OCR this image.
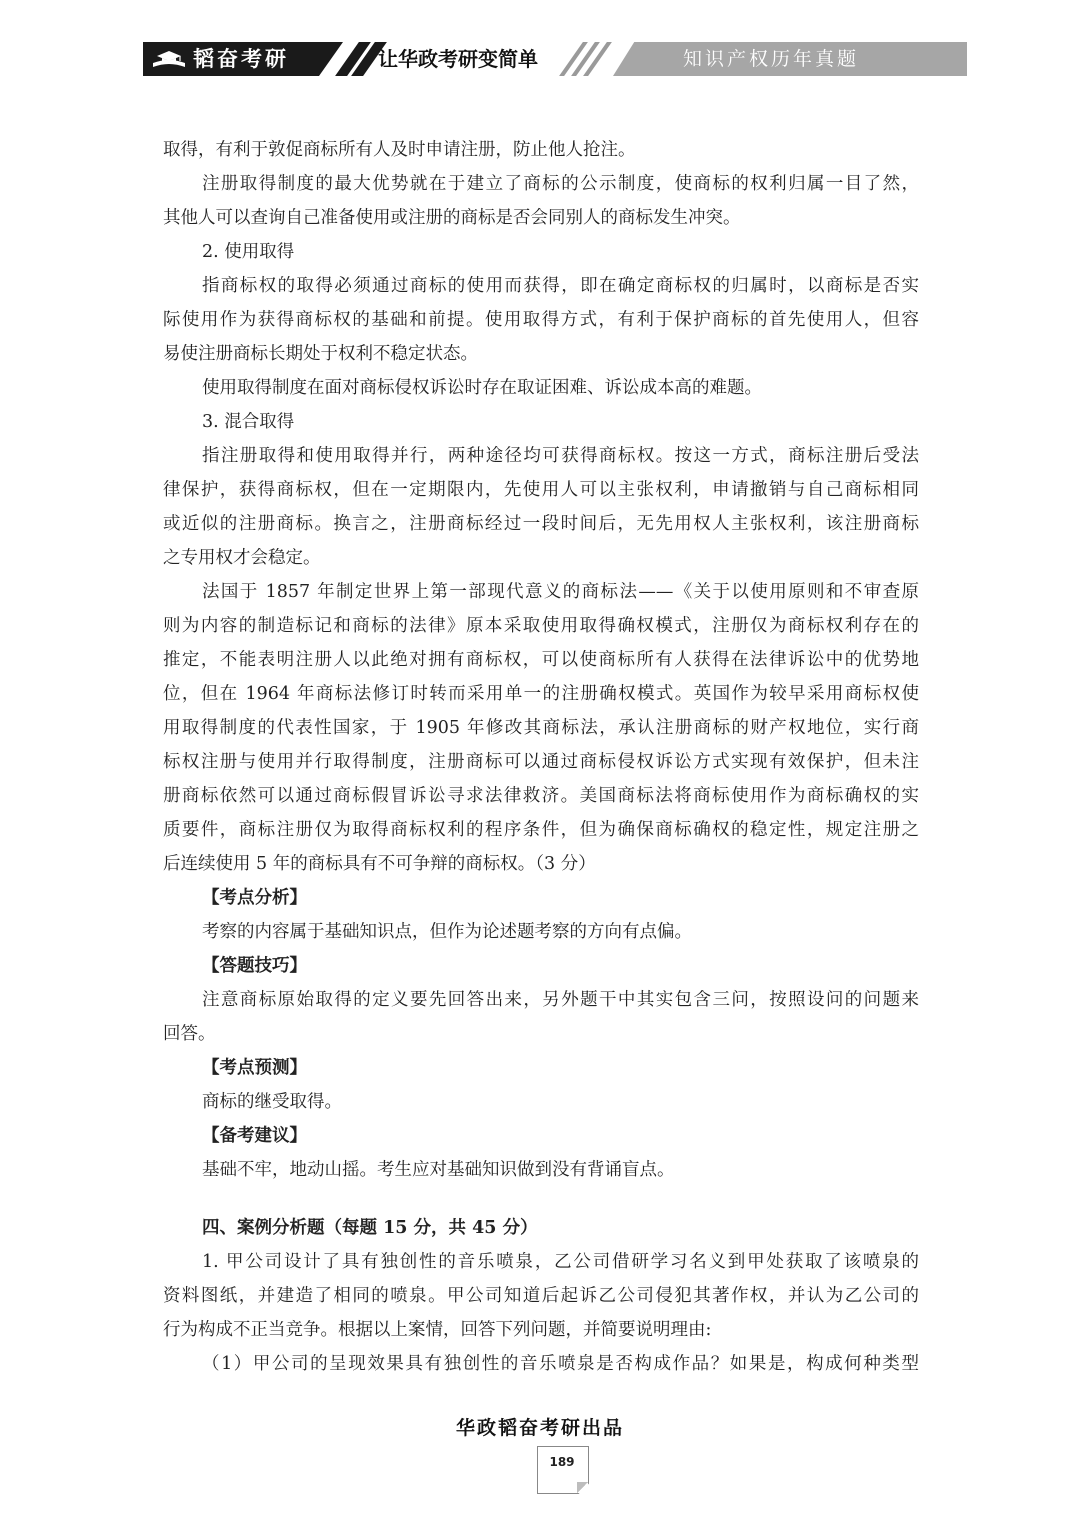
韬奋考研	让华政考研变简单	知识产权历年真题
取得，有利于敦促商标所有人及时申请注册，防止他人抢注。
注册取得制度的最大优势就在于建立了商标的公示制度，使商标的权利归属一目了然，
其他人可以查询自己准备使用或注册的商标是否会同别人的商标发生冲突。
2. 使用取得
指商标权的取得必须通过商标的使用而获得，即在确定商标权的归属时，以商标是否实
际使用作为获得商标权的基础和前提。使用取得方式，有利于保护商标的首先使用人，但容
易使注册商标长期处于权利不稳定状态。
使用取得制度在面对商标侵权诉讼时存在取证困难、诉讼成本高的难题。
3. 混合取得
指注册取得和使用取得并行，两种途径均可获得商标权。按这一方式，商标注册后受法
律保护，获得商标权，但在一定期限内，先使用人可以主张权利，申请撤销与自己商标相同
或近似的注册商标。换言之，注册商标经过一段时间后，无先用权人主张权利，该注册商标
之专用权才会稳定。
法国于 1857 年制定世界上第一部现代意义的商标法——《关于以使用原则和不审查原
则为内容的制造标记和商标的法律》原本采取使用取得确权模式，注册仅为商标权利存在的
推定，不能表明注册人以此绝对拥有商标权，可以使商标所有人获得在法律诉讼中的优势地
位，但在 1964 年商标法修订时转而采用单一的注册确权模式。英国作为较早采用商标权使
用取得制度的代表性国家，于 1905 年修改其商标法，承认注册商标的财产权地位，实行商
标权注册与使用并行取得制度，注册商标可以通过商标侵权诉讼方式实现有效保护，但未注
册商标依然可以通过商标假冒诉讼寻求法律救济。美国商标法将商标使用作为商标确权的实
质要件，商标注册仅为取得商标权利的程序条件，但为确保商标确权的稳定性，规定注册之
后连续使用 5 年的商标具有不可争辩的商标权。（3 分）
【考点分析】
考察的内容属于基础知识点，但作为论述题考察的方向有点偏。
【答题技巧】
注意商标原始取得的定义要先回答出来，另外题干中其实包含三问，按照设问的问题来
回答。
【考点预测】
商标的继受取得。
【备考建议】
基础不牢，地动山摇。考生应对基础知识做到没有背诵盲点。
四、案例分析题（每题 15 分，共 45 分）
1. 甲公司设计了具有独创性的音乐喷泉，乙公司借研学习名义到甲处获取了该喷泉的
资料图纸，并建造了相同的喷泉。甲公司知道后起诉乙公司侵犯其著作权，并认为乙公司的
行为构成不正当竞争。根据以上案情，回答下列问题，并简要说明理由:
（1）甲公司的呈现效果具有独创性的音乐喷泉是否构成作品？如果是，构成何种类型
华政韬奋考研出品
189
